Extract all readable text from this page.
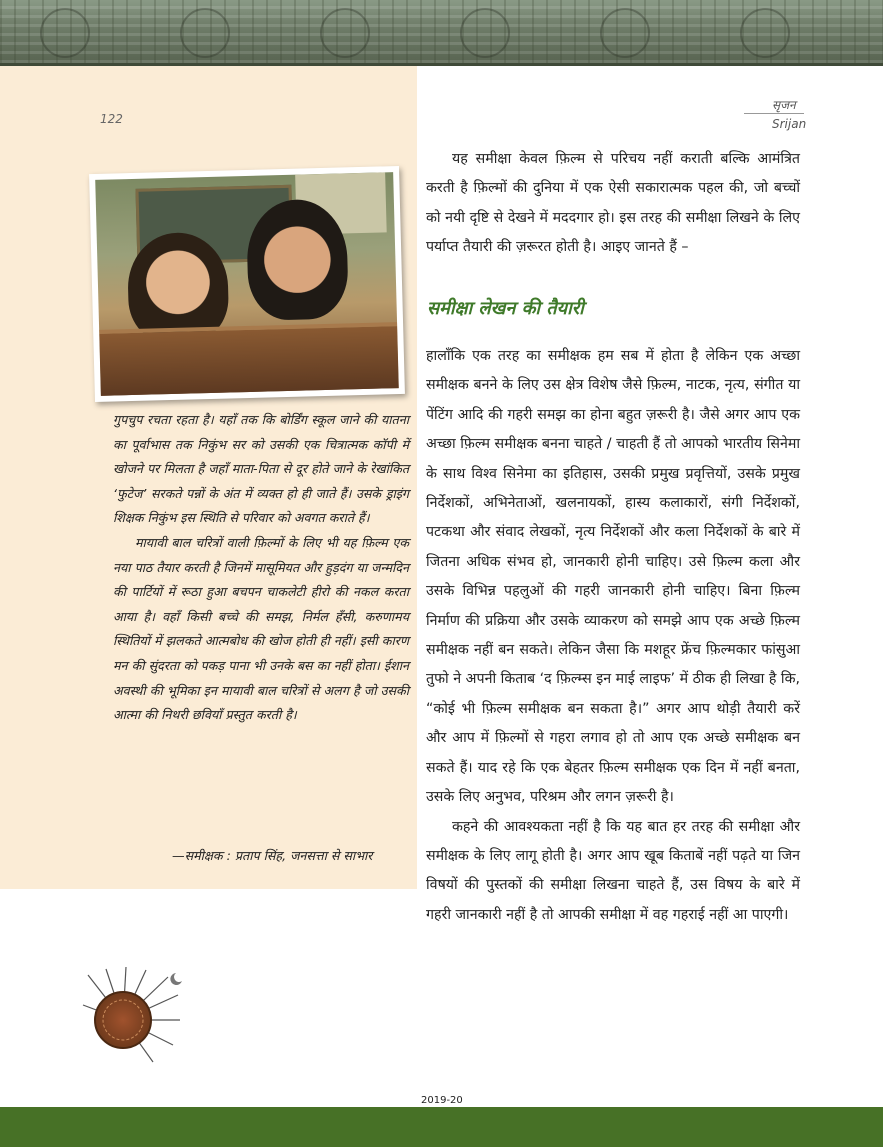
122
सृजन
Srijan

गुपचुप रचता रहता है। यहाँ तक कि बोर्डिंग स्कूल जाने की यातना का पूर्वाभास तक निकुंभ सर को उसकी एक चित्रात्मक कॉपी में खोजने पर मिलता है जहाँ माता-पिता से दूर होते जाने के रेखांकित ‘फुटेज’ सरकते पन्नों के अंत में व्यक्त हो ही जाते हैं। उसके ड्राइंग शिक्षक निकुंभ इस स्थिति से परिवार को अवगत कराते हैं।

मायावी बाल चरित्रों वाली फ़िल्मों के लिए भी यह फ़िल्म एक नया पाठ तैयार करती है जिनमें मासूमियत और हुड़दंग या जन्मदिन की पार्टियों में रूठा हुआ बचपन चाकलेटी हीरो की नकल करता आया है। वहाँ किसी बच्चे की समझ, निर्मल हँसी, करुणामय स्थितियों में झलकते आत्मबोध की खोज होती ही नहीं। इसी कारण मन की सुंदरता को पकड़ पाना भी उनके बस का नहीं होता। ईशान अवस्थी की भूमिका इन मायावी बाल चरित्रों से अलग है जो उसकी आत्मा की निथरी छवियाँ प्रस्तुत करती है।

—समीक्षक : प्रताप सिंह, जनसत्ता से साभार

यह समीक्षा केवल फ़िल्म से परिचय नहीं कराती बल्कि आमंत्रित करती है फ़िल्मों की दुनिया में एक ऐसी सकारात्मक पहल की, जो बच्चों को नयी दृष्टि से देखने में मददगार हो। इस तरह की समीक्षा लिखने के लिए पर्याप्त तैयारी की ज़रूरत होती है। आइए जानते हैं –

समीक्षा लेखन की तैयारी

हालाँकि एक तरह का समीक्षक हम सब में होता है लेकिन एक अच्छा समीक्षक बनने के लिए उस क्षेत्र विशेष जैसे फ़िल्म, नाटक, नृत्य, संगीत या पेंटिंग आदि की गहरी समझ का होना बहुत ज़रूरी है। जैसे अगर आप एक अच्छा फ़िल्म समीक्षक बनना चाहते / चाहती हैं तो आपको भारतीय सिनेमा के साथ विश्व सिनेमा का इतिहास, उसकी प्रमुख प्रवृत्तियों, उसके प्रमुख निर्देशकों, अभिनेताओं, खलनायकों, हास्य कलाकारों, संगी निर्देशकों, पटकथा और संवाद लेखकों, नृत्य निर्देशकों और कला निर्देशकों के बारे में जितना अधिक संभव हो, जानकारी होनी चाहिए। उसे फ़िल्म कला और उसके विभिन्न पहलुओं की गहरी जानकारी होनी चाहिए। बिना फ़िल्म निर्माण की प्रक्रिया और उसके व्याकरण को समझे आप एक अच्छे फ़िल्म समीक्षक नहीं बन सकते। लेकिन जैसा कि मशहूर फ्रेंच फ़िल्मकार फांसुआ तुफो ने अपनी किताब ‘द फ़िल्म्स इन माई लाइफ’ में ठीक ही लिखा है कि, “कोई भी फ़िल्म समीक्षक बन सकता है।” अगर आप थोड़ी तैयारी करें और आप में फ़िल्मों से गहरा लगाव हो तो आप एक अच्छे समीक्षक बन सकते हैं। याद रहे कि एक बेहतर फ़िल्म समीक्षक एक दिन में नहीं बनता, उसके लिए अनुभव, परिश्रम और लगन ज़रूरी है।

कहने की आवश्यकता नहीं है कि यह बात हर तरह की समीक्षा और समीक्षक के लिए लागू होती है। अगर आप खूब किताबें नहीं पढ़ते या जिन विषयों की पुस्तकों की समीक्षा लिखना चाहते हैं, उस विषय के बारे में गहरी जानकारी नहीं है तो आपकी समीक्षा में वह गहराई नहीं आ पाएगी।

2019-20
